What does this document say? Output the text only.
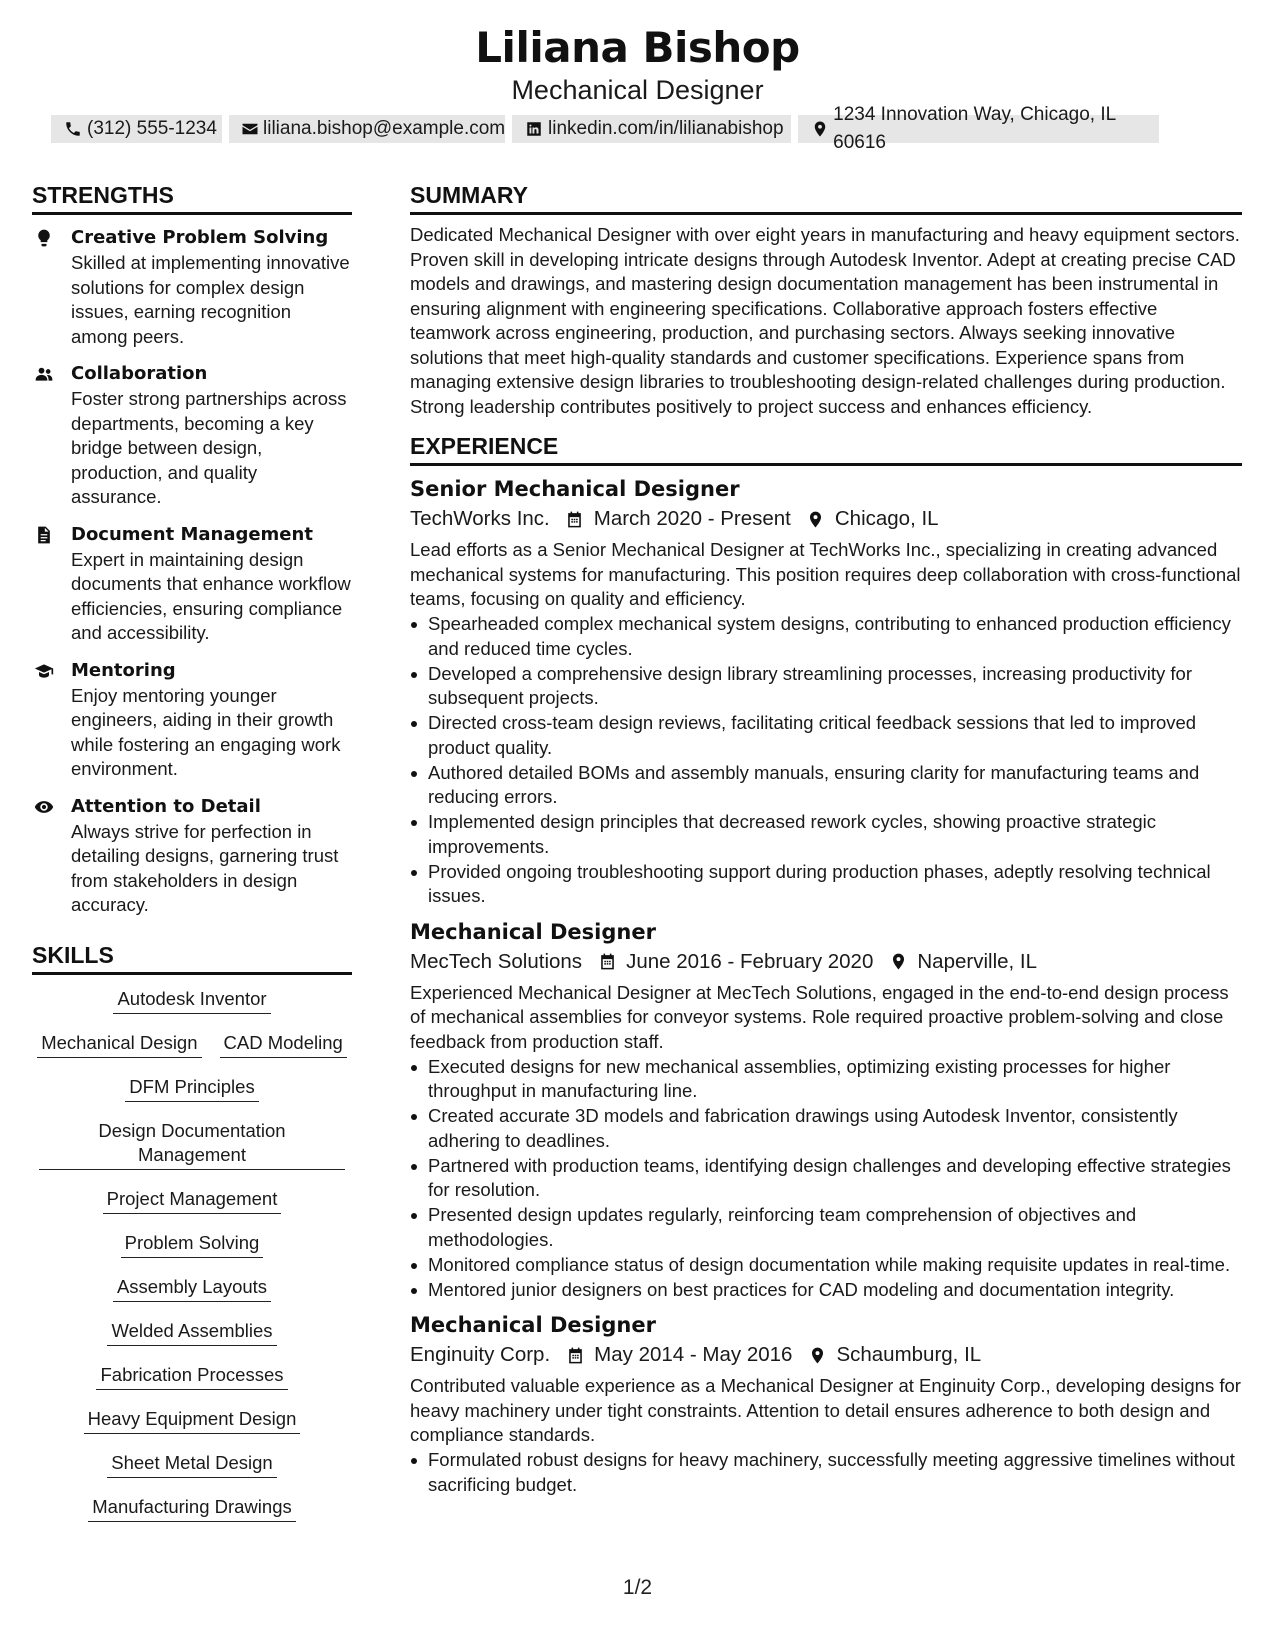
Liliana Bishop
Mechanical Designer
(312) 555-1234 liliana.bishop@example.com linkedin.com/in/lilianabishop
1234 Innovation Way, Chicago, IL 60616
STRENGTHS
Creative Problem Solving
Skilled at implementing innovative solutions for complex design issues, earning recognition among peers.
Collaboration
Foster strong partnerships across departments, becoming a key bridge between design, production, and quality assurance.
Document Management
Expert in maintaining design documents that enhance workflow efficiencies, ensuring compliance and accessibility.
Mentoring
Enjoy mentoring younger engineers, aiding in their growth while fostering an engaging work environment.
Attention to Detail
Always strive for perfection in detailing designs, garnering trust from stakeholders in design accuracy.
SKILLS
Autodesk Inventor
Mechanical Design CAD Modeling
DFM Principles
Design Documentation Management
Project Management
Problem Solving
Assembly Layouts
Welded Assemblies
Fabrication Processes
Heavy Equipment Design
Sheet Metal Design
Manufacturing Drawings
SUMMARY
Dedicated Mechanical Designer with over eight years in manufacturing and heavy equipment sectors. Proven skill in developing intricate designs through Autodesk Inventor. Adept at creating precise CAD models and drawings, and mastering design documentation management has been instrumental in ensuring alignment with engineering specifications. Collaborative approach fosters effective teamwork across engineering, production, and purchasing sectors. Always seeking innovative solutions that meet high-quality standards and customer specifications. Experience spans from managing extensive design libraries to troubleshooting design-related challenges during production. Strong leadership contributes positively to project success and enhances efficiency.
EXPERIENCE
Senior Mechanical Designer
TechWorks Inc. March 2020 - Present Chicago, IL
Lead efforts as a Senior Mechanical Designer at TechWorks Inc., specializing in creating advanced mechanical systems for manufacturing. This position requires deep collaboration with cross-functional teams, focusing on quality and efficiency.
Spearheaded complex mechanical system designs, contributing to enhanced production efficiency and reduced time cycles.
Developed a comprehensive design library streamlining processes, increasing productivity for subsequent projects.
Directed cross-team design reviews, facilitating critical feedback sessions that led to improved product quality.
Authored detailed BOMs and assembly manuals, ensuring clarity for manufacturing teams and reducing errors.
Implemented design principles that decreased rework cycles, showing proactive strategic improvements.
Provided ongoing troubleshooting support during production phases, adeptly resolving technical issues.
Mechanical Designer
MecTech Solutions June 2016 - February 2020 Naperville, IL
Experienced Mechanical Designer at MecTech Solutions, engaged in the end-to-end design process of mechanical assemblies for conveyor systems. Role required proactive problem-solving and close feedback from production staff.
Executed designs for new mechanical assemblies, optimizing existing processes for higher throughput in manufacturing line.
Created accurate 3D models and fabrication drawings using Autodesk Inventor, consistently adhering to deadlines.
Partnered with production teams, identifying design challenges and developing effective strategies for resolution.
Presented design updates regularly, reinforcing team comprehension of objectives and methodologies.
Monitored compliance status of design documentation while making requisite updates in real-time.
Mentored junior designers on best practices for CAD modeling and documentation integrity.
Mechanical Designer
Enginuity Corp. May 2014 - May 2016 Schaumburg, IL
Contributed valuable experience as a Mechanical Designer at Enginuity Corp., developing designs for heavy machinery under tight constraints. Attention to detail ensures adherence to both design and compliance standards.
Formulated robust designs for heavy machinery, successfully meeting aggressive timelines without sacrificing budget.
1/2
